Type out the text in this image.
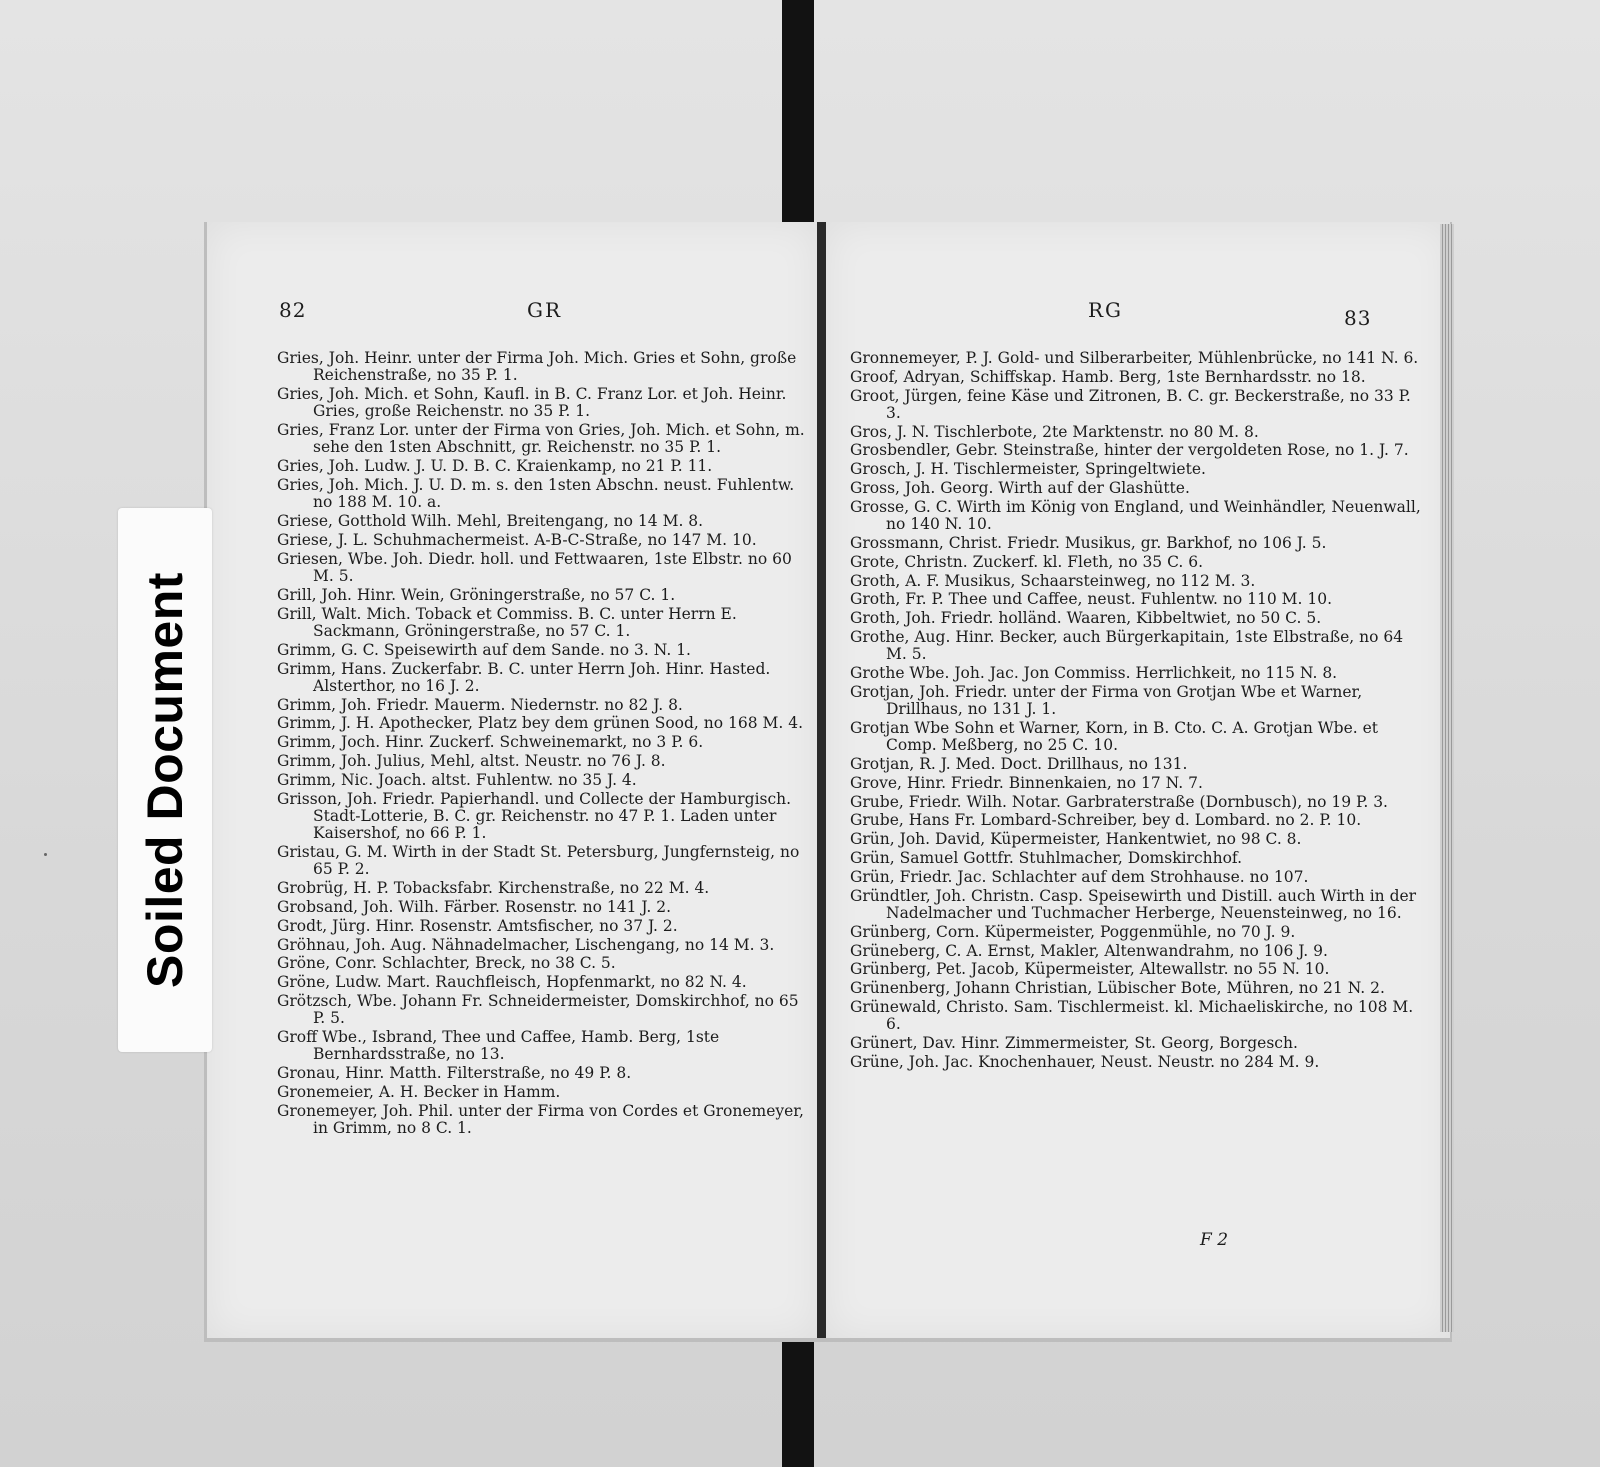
82	GR

Gries, Joh. Heinr. unter der Firma Joh. Mich. Gries et Sohn, große Reichenstraße, no 35 P. 1.

Gries, Joh. Mich. et Sohn, Kaufl. in B. C. Franz Lor. et Joh. Heinr. Gries, große Reichenstr. no 35 P. 1.

Gries, Franz Lor. unter der Firma von Gries, Joh. Mich. et Sohn, m. sehe den 1sten Abschnitt, gr. Reichenstr. no 35 P. 1.

Gries, Joh. Ludw. J. U. D. B. C. Kraienkamp, no 21 P. 11.

Gries, Joh. Mich. J. U. D. m. s. den 1sten Abschn. neust. Fuhlentw. no 188 M. 10. a.

Griese, Gotthold Wilh. Mehl, Breitengang, no 14 M. 8.

Griese, J. L. Schuhmachermeist. A-B-C-Straße, no 147 M. 10.

Griesen, Wbe. Joh. Diedr. holl. und Fettwaaren, 1ste Elbstr. no 60 M. 5.

Grill, Joh. Hinr. Wein, Gröningerstraße, no 57 C. 1.

Grill, Walt. Mich. Toback et Commiss. B. C. unter Herrn E. Sackmann, Gröningerstraße, no 57 C. 1.

Grimm, G. C. Speisewirth auf dem Sande. no 3. N. 1.

Grimm, Hans. Zuckerfabr. B. C. unter Herrn Joh. Hinr. Hasted. Alsterthor, no 16 J. 2.

Grimm, Joh. Friedr. Mauerm. Niedernstr. no 82 J. 8.

Grimm, J. H. Apothecker, Platz bey dem grünen Sood, no 168 M. 4.

Grimm, Joch. Hinr. Zuckerf. Schweinemarkt, no 3 P. 6.

Grimm, Joh. Julius, Mehl, altst. Neustr. no 76 J. 8.

Grimm, Nic. Joach. altst. Fuhlentw. no 35 J. 4.

Grisson, Joh. Friedr. Papierhandl. und Collecte der Hamburgisch. Stadt-Lotterie, B. C. gr. Reichenstr. no 47 P. 1. Laden unter Kaisershof, no 66 P. 1.

Gristau, G. M. Wirth in der Stadt St. Petersburg, Jungfernsteig, no 65 P. 2.

Grobrüg, H. P. Tobacksfabr. Kirchenstraße, no 22 M. 4.

Grobsand, Joh. Wilh. Färber. Rosenstr. no 141 J. 2.

Grodt, Jürg. Hinr. Rosenstr. Amtsfischer, no 37 J. 2.

Gröhnau, Joh. Aug. Nähnadelmacher, Lischengang, no 14 M. 3.

Gröne, Conr. Schlachter, Breck, no 38 C. 5.

Gröne, Ludw. Mart. Rauchfleisch, Hopfenmarkt, no 82 N. 4.

Grötzsch, Wbe. Johann Fr. Schneidermeister, Domskirchhof, no 65 P. 5.

Groff Wbe., Isbrand, Thee und Caffee, Hamb. Berg, 1ste Bernhardsstraße, no 13.

Gronau, Hinr. Matth. Filterstraße, no 49 P. 8.

Gronemeier, A. H. Becker in Hamm.

Gronemeyer, Joh. Phil. unter der Firma von Cordes et Gronemeyer, in Grimm, no 8 C. 1.

RG	83

Gronnemeyer, P. J. Gold- und Silberarbeiter, Mühlenbrücke, no 141 N. 6.

Groof, Adryan, Schiffskap. Hamb. Berg, 1ste Bernhardsstr. no 18.

Groot, Jürgen, feine Käse und Zitronen, B. C. gr. Beckerstraße, no 33 P. 3.

Gros, J. N. Tischlerbote, 2te Marktenstr. no 80 M. 8.

Grosbendler, Gebr. Steinstraße, hinter der vergoldeten Rose, no 1. J. 7.

Grosch, J. H. Tischlermeister, Springeltwiete.

Gross, Joh. Georg. Wirth auf der Glashütte.

Grosse, G. C. Wirth im König von England, und Weinhändler, Neuenwall, no 140 N. 10.

Grossmann, Christ. Friedr. Musikus, gr. Barkhof, no 106 J. 5.

Grote, Christn. Zuckerf. kl. Fleth, no 35 C. 6.

Groth, A. F. Musikus, Schaarsteinweg, no 112 M. 3.

Groth, Fr. P. Thee und Caffee, neust. Fuhlentw. no 110 M. 10.

Groth, Joh. Friedr. holländ. Waaren, Kibbeltwiet, no 50 C. 5.

Grothe, Aug. Hinr. Becker, auch Bürgerkapitain, 1ste Elbstraße, no 64 M. 5.

Grothe Wbe. Joh. Jac. Jon Commiss. Herrlichkeit, no 115 N. 8.

Grotjan, Joh. Friedr. unter der Firma von Grotjan Wbe et Warner, Drillhaus, no 131 J. 1.

Grotjan Wbe Sohn et Warner, Korn, in B. Cto. C. A. Grotjan Wbe. et Comp. Meßberg, no 25 C. 10.

Grotjan, R. J. Med. Doct. Drillhaus, no 131.

Grove, Hinr. Friedr. Binnenkaien, no 17 N. 7.

Grube, Friedr. Wilh. Notar. Garbraterstraße (Dornbusch), no 19 P. 3.

Grube, Hans Fr. Lombard-Schreiber, bey d. Lombard. no 2. P. 10.

Grün, Joh. David, Küpermeister, Hankentwiet, no 98 C. 8.

Grün, Samuel Gottfr. Stuhlmacher, Domskirchhof.

Grün, Friedr. Jac. Schlachter auf dem Strohhause. no 107.

Gründtler, Joh. Christn. Casp. Speisewirth und Distill. auch Wirth in der Nadelmacher und Tuchmacher Herberge, Neuensteinweg, no 16.

Grünberg, Corn. Küpermeister, Poggenmühle, no 70 J. 9.

Grüneberg, C. A. Ernst, Makler, Altenwandrahm, no 106 J. 9.

Grünberg, Pet. Jacob, Küpermeister, Altewallstr. no 55 N. 10.

Grünenberg, Johann Christian, Lübischer Bote, Mühren, no 21 N. 2.

Grünewald, Christo. Sam. Tischlermeist. kl. Michaeliskirche, no 108 M. 6.

Grünert, Dav. Hinr. Zimmermeister, St. Georg, Borgesch.

Grüne, Joh. Jac. Knochenhauer, Neust. Neustr. no 284 M. 9.

F 2
Soiled Document
